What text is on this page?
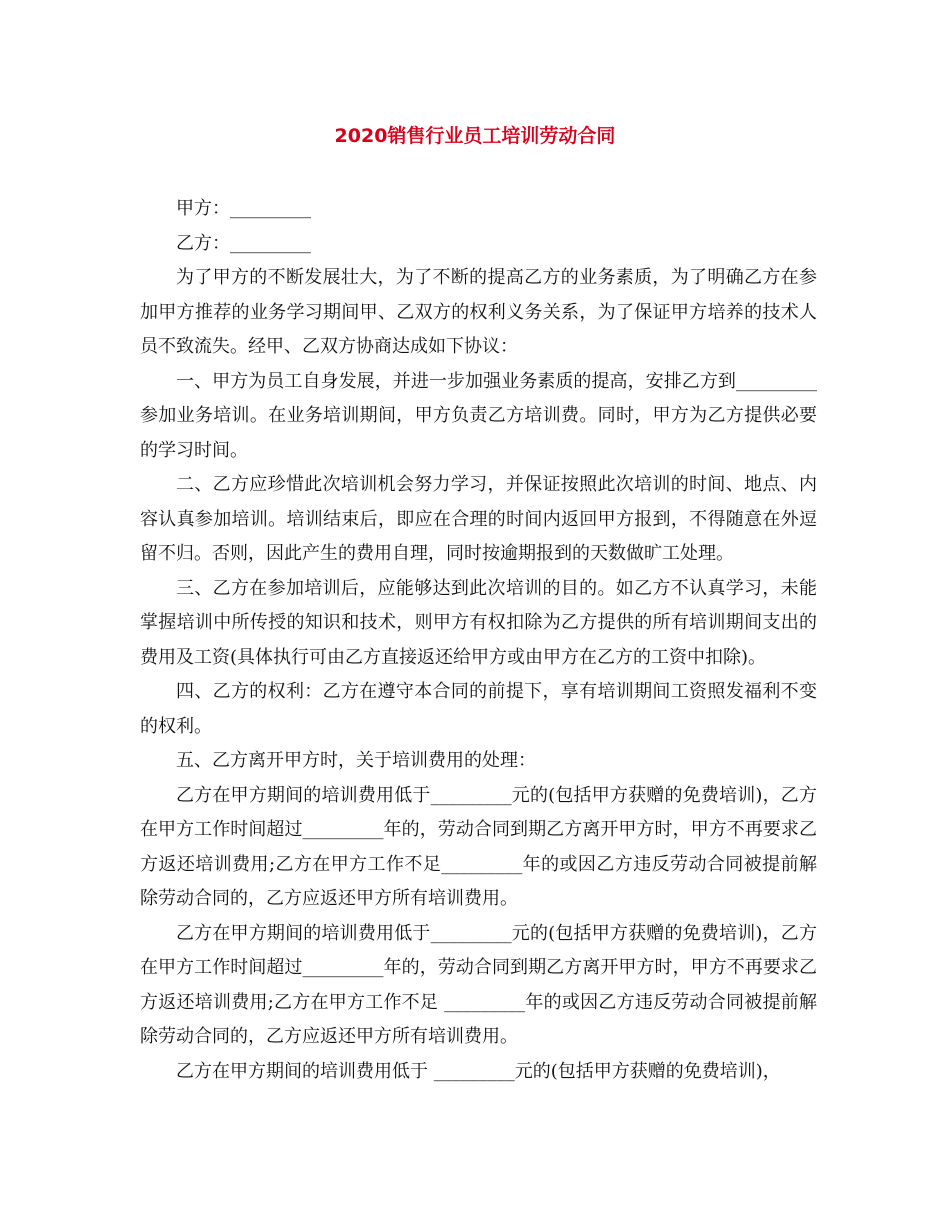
2020销售行业员工培训劳动合同

甲方：_________

乙方：_________

为了甲方的不断发展壮大，为了不断的提高乙方的业务素质，为了明确乙方在参加甲方推荐的业务学习期间甲、乙双方的权利义务关系，为了保证甲方培养的技术人员不致流失。经甲、乙双方协商达成如下协议：

一、甲方为员工自身发展，并进一步加强业务素质的提高，安排乙方到_________参加业务培训。在业务培训期间，甲方负责乙方培训费。同时，甲方为乙方提供必要的学习时间。

二、乙方应珍惜此次培训机会努力学习，并保证按照此次培训的时间、地点、内容认真参加培训。培训结束后，即应在合理的时间内返回甲方报到，不得随意在外逗留不归。否则，因此产生的费用自理，同时按逾期报到的天数做旷工处理。

三、乙方在参加培训后，应能够达到此次培训的目的。如乙方不认真学习，未能掌握培训中所传授的知识和技术，则甲方有权扣除为乙方提供的所有培训期间支出的费用及工资(具体执行可由乙方直接返还给甲方或由甲方在乙方的工资中扣除)。

四、乙方的权利：乙方在遵守本合同的前提下，享有培训期间工资照发福利不变的权利。

五、乙方离开甲方时，关于培训费用的处理：

乙方在甲方期间的培训费用低于_________元的(包括甲方获赠的免费培训)，乙方在甲方工作时间超过_________年的，劳动合同到期乙方离开甲方时，甲方不再要求乙方返还培训费用;乙方在甲方工作不足_________年的或因乙方违反劳动合同被提前解除劳动合同的，乙方应返还甲方所有培训费用。

乙方在甲方期间的培训费用低于_________元的(包括甲方获赠的免费培训)，乙方在甲方工作时间超过_________年的，劳动合同到期乙方离开甲方时，甲方不再要求乙方返还培训费用;乙方在甲方工作不足 _________年的或因乙方违反劳动合同被提前解除劳动合同的，乙方应返还甲方所有培训费用。

乙方在甲方期间的培训费用低于 _________元的(包括甲方获赠的免费培训)，
